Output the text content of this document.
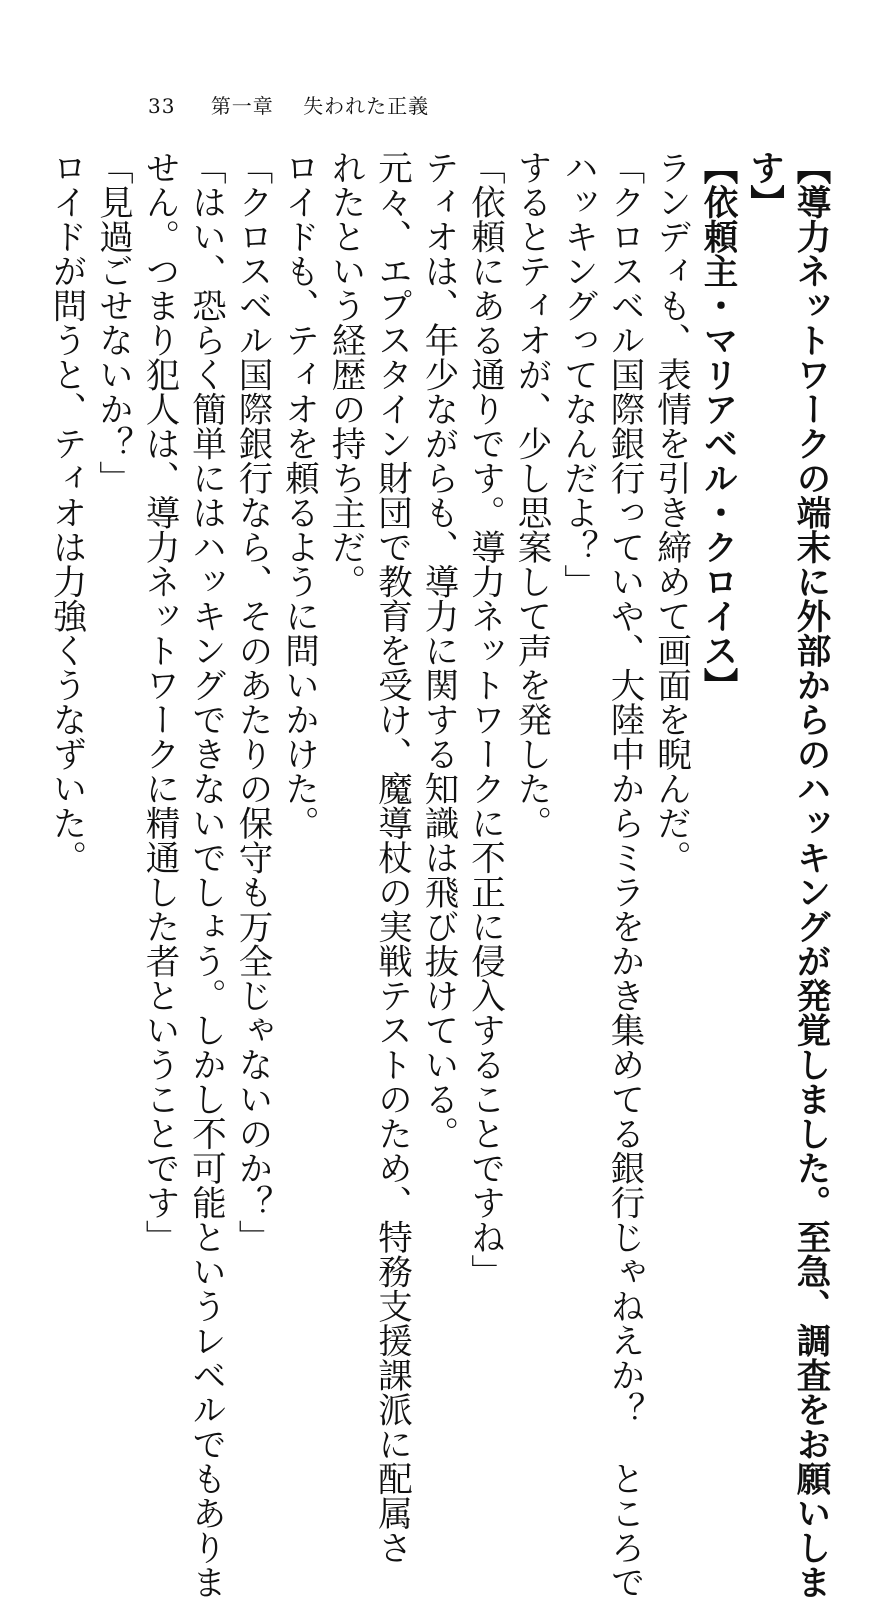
33 第一章 失われた正義
【導力ネットワークの端末に外部からのハッキングが発覚しました。至急、調査をお願いしま
す】
【依頼主・マリアベル・クロイス】
ランディも、表情を引き締めて画面を睨んだ。
「クロスベル国際銀行っていや、大陸中からミラをかき集めてる銀行じゃねえか？　ところで
ハッキングってなんだよ？」
するとティオが、少し思案して声を発した。
「依頼にある通りです。導力ネットワークに不正に侵入することですね」
ティオは、年少ながらも、導力に関する知識は飛び抜けている。
元々、エプスタイン財団で教育を受け、魔導杖の実戦テストのため、特務支援課派に配属さ
れたという経歴の持ち主だ。
ロイドも、ティオを頼るように問いかけた。
「クロスベル国際銀行なら、そのあたりの保守も万全じゃないのか？」
「はい、恐らく簡単にはハッキングできないでしょう。しかし不可能というレベルでもありま
せん。つまり犯人は、導力ネットワークに精通した者ということです」
「見過ごせないか？」
ロイドが問うと、ティオは力強くうなずいた。
